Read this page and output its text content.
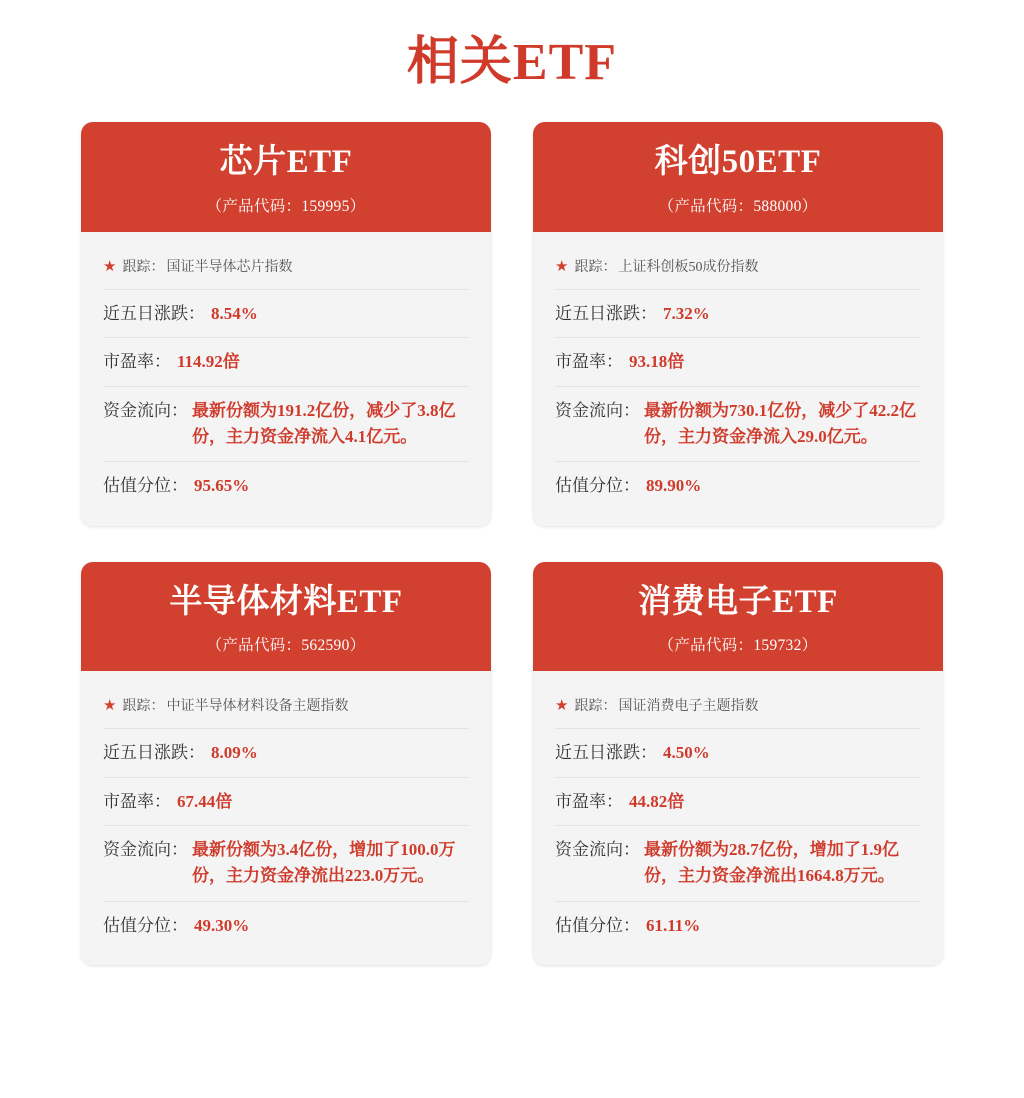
相关ETF
芯片ETF
（产品代码：159995）
★ 跟踪： 国证半导体芯片指数
近五日涨跌： 8.54%
市盈率： 114.92倍
资金流向： 最新份额为191.2亿份，减少了3.8亿份，主力资金净流入4.1亿元。
估值分位： 95.65%
科创50ETF
（产品代码：588000）
★ 跟踪： 上证科创板50成份指数
近五日涨跌： 7.32%
市盈率： 93.18倍
资金流向： 最新份额为730.1亿份，减少了42.2亿份，主力资金净流入29.0亿元。
估值分位： 89.90%
半导体材料ETF
（产品代码：562590）
★ 跟踪： 中证半导体材料设备主题指数
近五日涨跌： 8.09%
市盈率： 67.44倍
资金流向： 最新份额为3.4亿份，增加了100.0万份，主力资金净流出223.0万元。
估值分位： 49.30%
消费电子ETF
（产品代码：159732）
★ 跟踪： 国证消费电子主题指数
近五日涨跌： 4.50%
市盈率： 44.82倍
资金流向： 最新份额为28.7亿份，增加了1.9亿份，主力资金净流出1664.8万元。
估值分位： 61.11%
